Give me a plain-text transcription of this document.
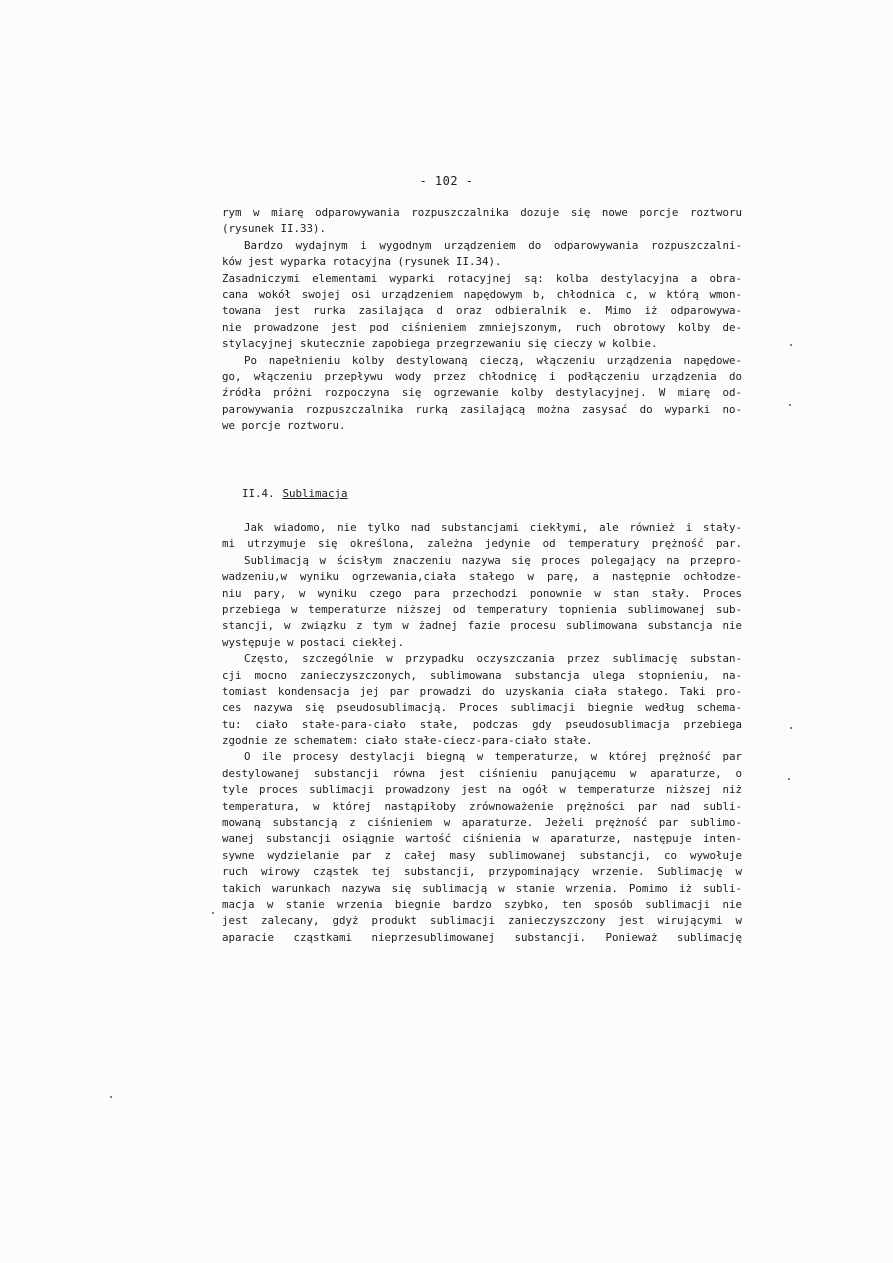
- 102 -
rym w miarę odparowywania rozpuszczalnika dozuje się nowe porcje roztworu
(rysunek II.33).
Bardzo wydajnym i wygodnym urządzeniem do odparowywania rozpuszczalni-
ków jest wyparka rotacyjna (rysunek II.34).
Zasadniczymi elementami wyparki rotacyjnej są: kolba destylacyjna a obra-
cana wokół swojej osi urządzeniem napędowym b, chłodnica c, w którą wmon-
towana jest rurka zasilająca d oraz odbieralnik e. Mimo iż odparowywa-
nie prowadzone jest pod ciśnieniem zmniejszonym, ruch obrotowy kolby de-
stylacyjnej skutecznie zapobiega przegrzewaniu się cieczy w kolbie.
Po napełnieniu kolby destylowaną cieczą, włączeniu urządzenia napędowe-
go, włączeniu przepływu wody przez chłodnicę i podłączeniu urządzenia do
źródła próżni rozpoczyna się ogrzewanie kolby destylacyjnej. W miarę od-
parowywania rozpuszczalnika rurką zasilającą można zasysać do wyparki no-
we porcje roztworu.
II.4. Sublimacja
Jak wiadomo, nie tylko nad substancjami ciekłymi, ale również i stały-
mi utrzymuje się określona, zależna jedynie od temperatury prężność par.
Sublimacją w ścisłym znaczeniu nazywa się proces polegający na przepro-
wadzeniu,w wyniku ogrzewania,ciała stałego w parę, a następnie ochłodze-
niu pary, w wyniku czego para przechodzi ponownie w stan stały. Proces
przebiega w temperaturze niższej od temperatury topnienia sublimowanej sub-
stancji, w związku z tym w żadnej fazie procesu sublimowana substancja nie
występuje w postaci ciekłej.
Często, szczególnie w przypadku oczyszczania przez sublimację substan-
cji mocno zanieczyszczonych, sublimowana substancja ulega stopnieniu, na-
tomiast kondensacja jej par prowadzi do uzyskania ciała stałego. Taki pro-
ces nazywa się pseudosublimacją. Proces sublimacji biegnie według schema-
tu: ciało stałe-para-ciało stałe, podczas gdy pseudosublimacja przebiega
zgodnie ze schematem: ciało stałe-ciecz-para-ciało stałe.
O ile procesy destylacji biegną w temperaturze, w której prężność par
destylowanej substancji równa jest ciśnieniu panującemu w aparaturze, o
tyle proces sublimacji prowadzony jest na ogół w temperaturze niższej niż
temperatura, w której nastąpiłoby zrównoważenie prężności par nad subli-
mowaną substancją z ciśnieniem w aparaturze. Jeżeli prężność par sublimo-
wanej substancji osiągnie wartość ciśnienia w aparaturze, następuje inten-
sywne wydzielanie par z całej masy sublimowanej substancji, co wywołuje
ruch wirowy cząstek tej substancji, przypominający wrzenie. Sublimację w
takich warunkach nazywa się sublimacją w stanie wrzenia. Pomimo iż subli-
macja w stanie wrzenia biegnie bardzo szybko, ten sposób sublimacji nie
jest zalecany, gdyż produkt sublimacji zanieczyszczony jest wirującymi w
aparacie cząstkami nieprzesublimowanej substancji. Ponieważ sublimację
